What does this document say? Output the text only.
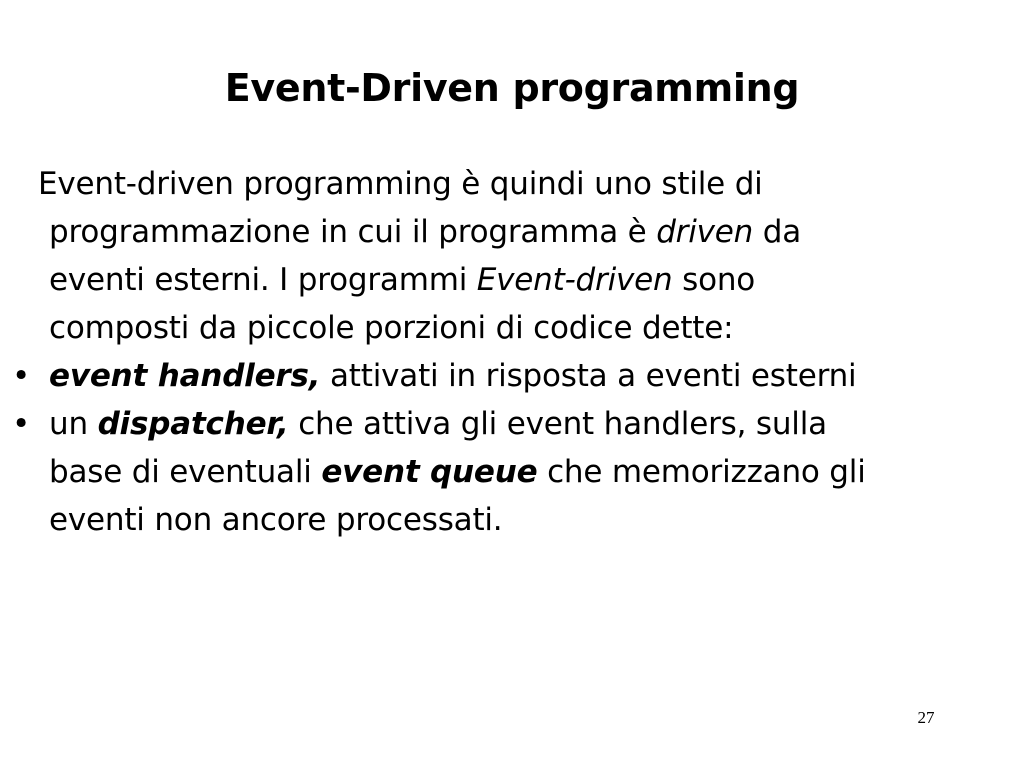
Event-Driven programming

Event-driven programming è quindi uno stile di
programmazione in cui il programma è driven da
eventi esterni. I programmi Event-driven sono
composti da piccole porzioni di codice dette:

• event handlers, attivati in risposta a eventi esterni

• un dispatcher, che attiva gli event handlers, sulla
base di eventuali event queue che memorizzano gli
eventi non ancore processati.

27
